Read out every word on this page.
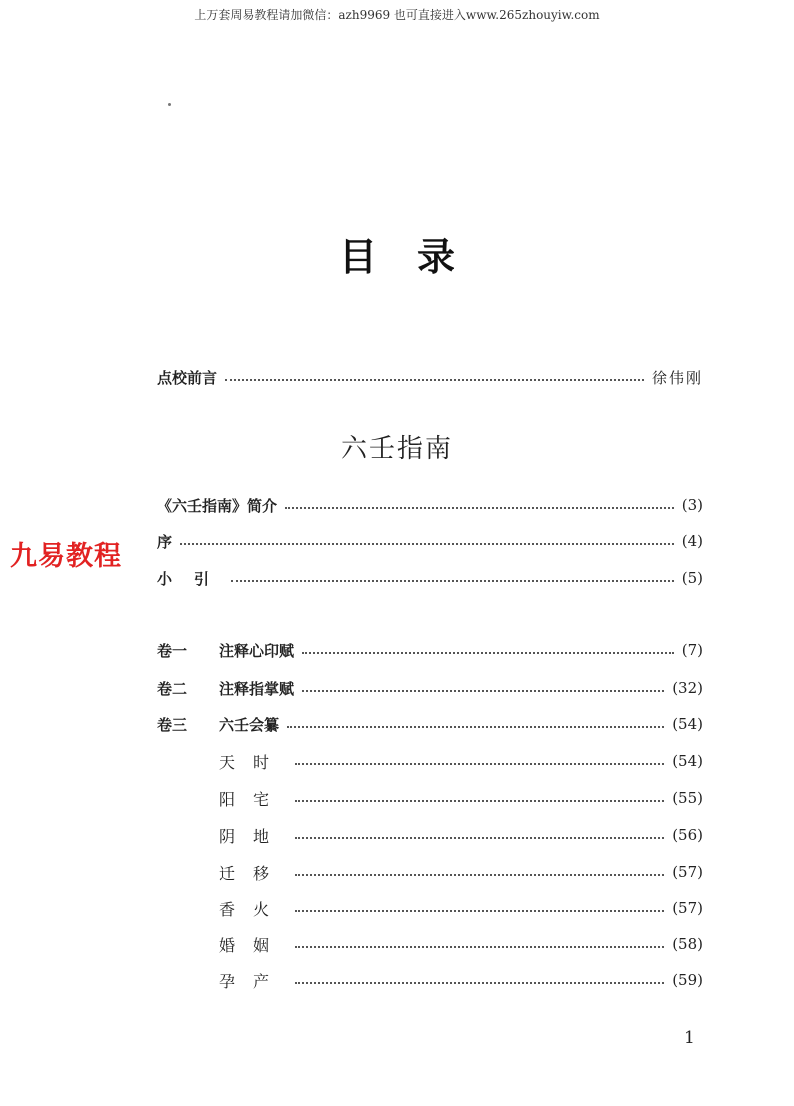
上万套周易教程请加微信：azh9969 也可直接进入www.265zhouyiw.com
目录
点校前言	徐伟刚
六壬指南
九易教程
《六壬指南》简介	(3)
序	(4)
小引	(5)
卷一	注释心印赋	(7)
卷二	注释指掌赋	(32)
卷三	六壬会纂	(54)
天时	(54)
阳宅	(55)
阴地	(56)
迁移	(57)
香火	(57)
婚姻	(58)
孕产	(59)
1
